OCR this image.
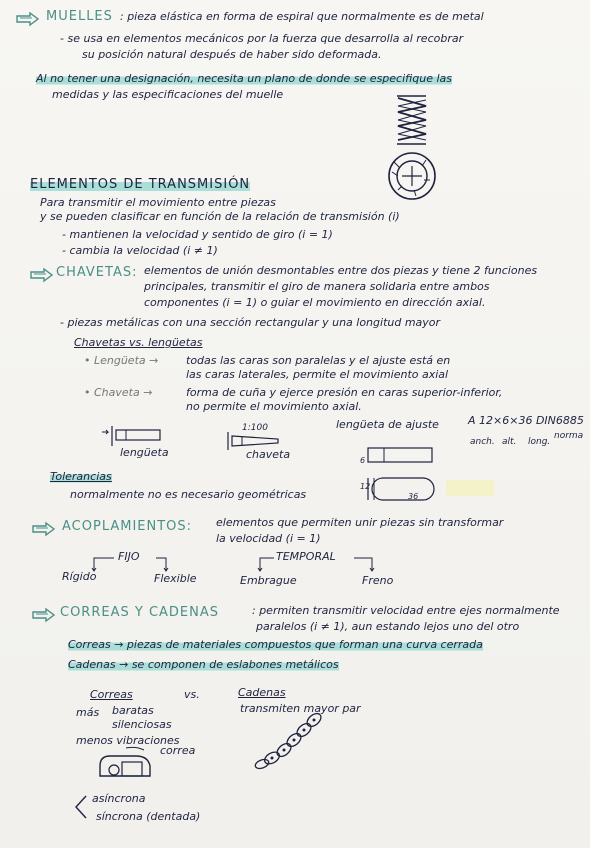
MUELLES : pieza elástica en forma de espiral que normalmente es de metal
- se usa en elementos mecánicos por la fuerza que desarrolla al recobrar
su posición natural después de haber sido deformada.
Al no tener una designación, necesita un plano de donde se especifique las
medidas y las especificaciones del muelle
ELEMENTOS DE TRANSMISIÓN
Para transmitir el movimiento entre piezas
y se pueden clasificar en función de la relación de transmisión (i)
- mantienen la velocidad y sentido de giro (i = 1)
- cambia la velocidad (i ≠ 1)
CHAVETAS: elementos de unión desmontables entre dos piezas y tiene 2 funciones
principales, transmitir el giro de manera solidaria entre ambos
componentes (i = 1) o guiar el movimiento en dirección axial.
- piezas metálicas con una sección rectangular y una longitud mayor
Chavetas vs. lengüetas
• Lengüeta →	todas las caras son paralelas y el ajuste está en
las caras laterales, permite el movimiento axial
• Chaveta →	forma de cuña y ejerce presión en caras superior-inferior,
no permite el movimiento axial.
lengüeta
1:100
chaveta
lengüeta de ajuste	A 12×6×36 DIN6885
anch. alt. long.
norma
6
12
36
Tolerancias
normalmente no es necesario geométricas
ACOPLAMIENTOS: elementos que permiten unir piezas sin transformar
la velocidad (i = 1)
FIJO	TEMPORAL
Rígido	Flexible	Embrague	Freno
CORREAS Y CADENAS	: permiten transmitir velocidad entre ejes normalmente
paralelos (i ≠ 1), aun estando lejos uno del otro
Correas → piezas de materiales compuestos que forman una curva cerrada
Cadenas → se componen de eslabones metálicos
Correas	vs.	Cadenas
transmiten mayor par
más baratas
silenciosas
menos vibraciones
correa
asíncrona
síncrona (dentada)
